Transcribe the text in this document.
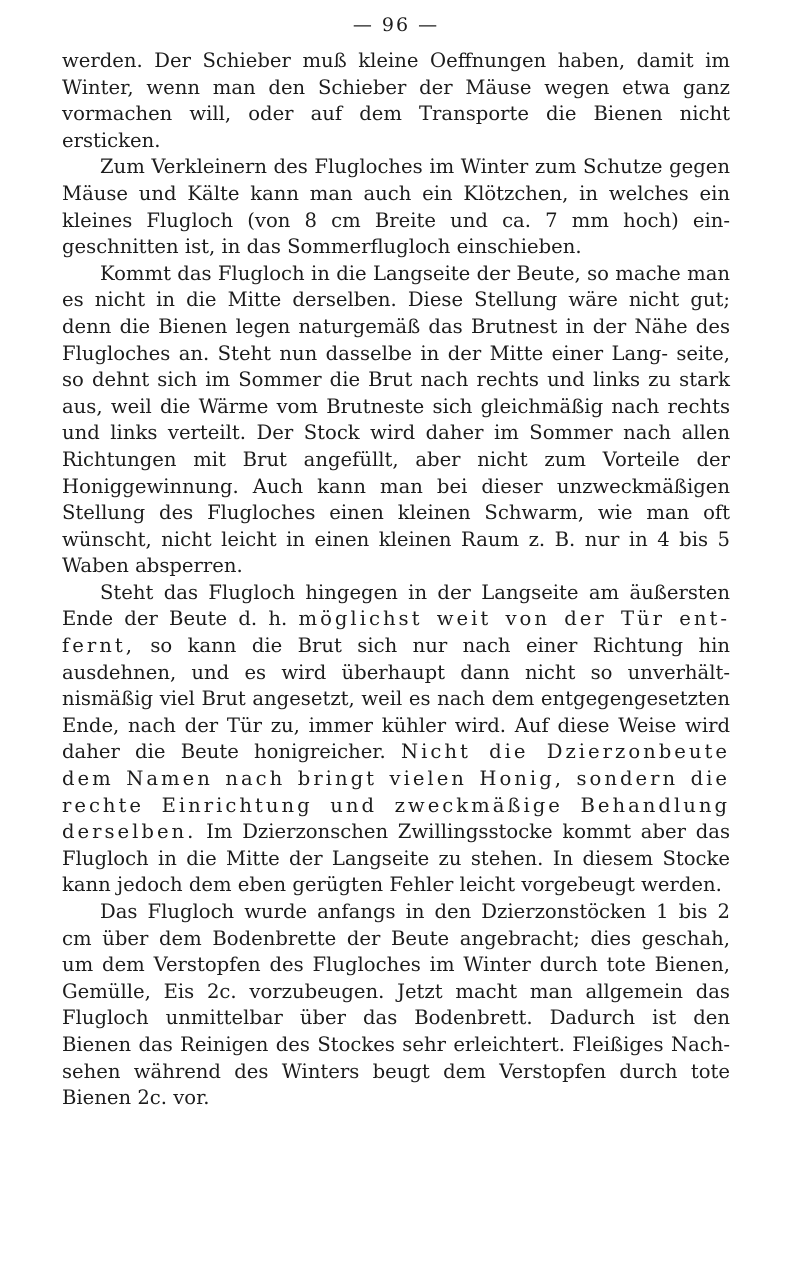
— 96 —

werden. Der Schieber muß kleine Oeffnungen haben, damit im Winter, wenn man den Schieber der Mäuse wegen etwa ganz vormachen will, oder auf dem Transporte die Bienen nicht ersticken.

Zum Verkleinern des Flugloches im Winter zum Schutze gegen Mäuse und Kälte kann man auch ein Klötzchen, in welches ein kleines Flugloch (von 8 cm Breite und ca. 7 mm hoch) ein- geschnitten ist, in das Sommerflugloch einschieben.

Kommt das Flugloch in die Langseite der Beute, so mache man es nicht in die Mitte derselben. Diese Stellung wäre nicht gut; denn die Bienen legen naturgemäß das Brutnest in der Nähe des Flugloches an. Steht nun dasselbe in der Mitte einer Lang- seite, so dehnt sich im Sommer die Brut nach rechts und links zu stark aus, weil die Wärme vom Brutneste sich gleichmäßig nach rechts und links verteilt. Der Stock wird daher im Sommer nach allen Richtungen mit Brut angefüllt, aber nicht zum Vorteile der Honiggewinnung. Auch kann man bei dieser unzweckmäßigen Stellung des Flugloches einen kleinen Schwarm, wie man oft wünscht, nicht leicht in einen kleinen Raum z. B. nur in 4 bis 5 Waben absperren.

Steht das Flugloch hingegen in der Langseite am äußersten Ende der Beute d. h. möglichst weit von der Tür ent- fernt, so kann die Brut sich nur nach einer Richtung hin ausdehnen, und es wird überhaupt dann nicht so unverhält- nismäßig viel Brut angesetzt, weil es nach dem entgegengesetzten Ende, nach der Tür zu, immer kühler wird. Auf diese Weise wird daher die Beute honigreicher. Nicht die Dzierzonbeute dem Namen nach bringt vielen Honig, sondern die rechte Einrichtung und zweckmäßige Behandlung derselben. Im Dzierzonschen Zwillingsstocke kommt aber das Flugloch in die Mitte der Langseite zu stehen. In diesem Stocke kann jedoch dem eben gerügten Fehler leicht vorgebeugt werden.

Das Flugloch wurde anfangs in den Dzierzonstöcken 1 bis 2 cm über dem Bodenbrette der Beute angebracht; dies geschah, um dem Verstopfen des Flugloches im Winter durch tote Bienen, Gemülle, Eis 2c. vorzubeugen. Jetzt macht man allgemein das Flugloch unmittelbar über das Bodenbrett. Dadurch ist den Bienen das Reinigen des Stockes sehr erleichtert. Fleißiges Nach- sehen während des Winters beugt dem Verstopfen durch tote Bienen 2c. vor.
